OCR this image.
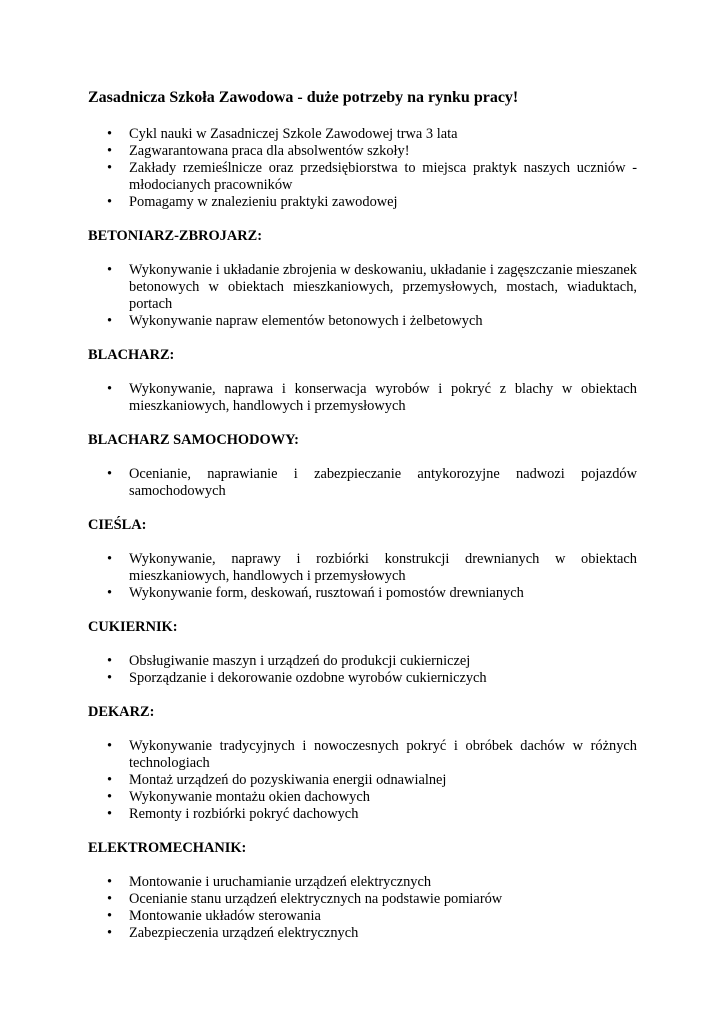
Zasadnicza Szkoła Zawodowa - duże potrzeby na rynku pracy!
• Cykl nauki w Zasadniczej Szkole Zawodowej trwa 3 lata
• Zagwarantowana praca dla absolwentów szkoły!
• Zakłady rzemieślnicze oraz przedsiębiorstwa to miejsca praktyk naszych uczniów - młodocianych pracowników
• Pomagamy w znalezieniu praktyki zawodowej
BETONIARZ-ZBROJARZ:
• Wykonywanie i układanie zbrojenia w deskowaniu, układanie i zagęszczanie mieszanek betonowych w obiektach mieszkaniowych, przemysłowych, mostach, wiaduktach, portach
• Wykonywanie napraw elementów betonowych i żelbetowych
BLACHARZ:
• Wykonywanie, naprawa i konserwacja wyrobów i pokryć z blachy w obiektach mieszkaniowych, handlowych i przemysłowych
BLACHARZ SAMOCHODOWY:
• Ocenianie, naprawianie i zabezpieczanie antykorozyjne nadwozi pojazdów samochodowych
CIEŚLA:
• Wykonywanie, naprawy i rozbiórki konstrukcji drewnianych w obiektach mieszkaniowych, handlowych i przemysłowych
• Wykonywanie form, deskowań, rusztowań i pomostów drewnianych
CUKIERNIK:
• Obsługiwanie maszyn i urządzeń do produkcji cukierniczej
• Sporządzanie i dekorowanie ozdobne wyrobów cukierniczych
DEKARZ:
• Wykonywanie tradycyjnych i nowoczesnych pokryć i obróbek dachów w różnych technologiach
• Montaż urządzeń do pozyskiwania energii odnawialnej
• Wykonywanie montażu okien dachowych
• Remonty i rozbiórki pokryć dachowych
ELEKTROMECHANIK:
• Montowanie i uruchamianie urządzeń elektrycznych
• Ocenianie stanu urządzeń elektrycznych na podstawie pomiarów
• Montowanie układów sterowania
• Zabezpieczenia urządzeń elektrycznych
